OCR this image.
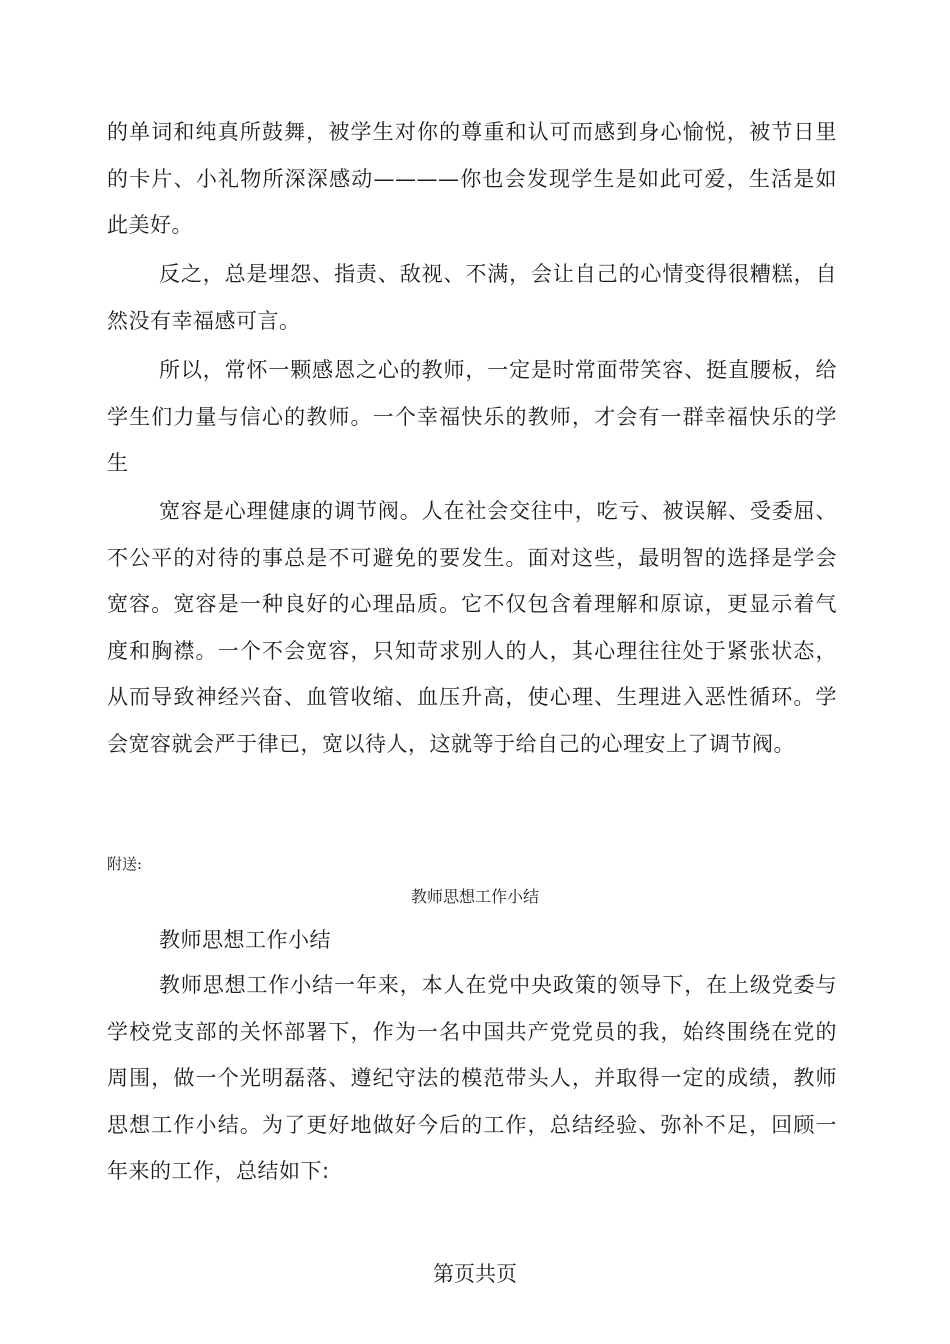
的单词和纯真所鼓舞，被学生对你的尊重和认可而感到身心愉悦，被节日里的卡片、小礼物所深深感动————你也会发现学生是如此可爱，生活是如此美好。

反之，总是埋怨、指责、敌视、不满，会让自己的心情变得很糟糕，自然没有幸福感可言。

所以，常怀一颗感恩之心的教师，一定是时常面带笑容、挺直腰板，给学生们力量与信心的教师。一个幸福快乐的教师，才会有一群幸福快乐的学生

宽容是心理健康的调节阀。人在社会交往中，吃亏、被误解、受委屈、不公平的对待的事总是不可避免的要发生。面对这些，最明智的选择是学会宽容。宽容是一种良好的心理品质。它不仅包含着理解和原谅，更显示着气度和胸襟。一个不会宽容，只知苛求别人的人，其心理往往处于紧张状态，从而导致神经兴奋、血管收缩、血压升高，使心理、生理进入恶性循环。学会宽容就会严于律已，宽以待人，这就等于给自己的心理安上了调节阀。

附送:

教师思想工作小结

教师思想工作小结

教师思想工作小结一年来，本人在党中央政策的领导下，在上级党委与学校党支部的关怀部署下，作为一名中国共产党党员的我，始终围绕在党的周围，做一个光明磊落、遵纪守法的模范带头人，并取得一定的成绩，教师思想工作小结。为了更好地做好今后的工作，总结经验、弥补不足，回顾一年来的工作，总结如下:

第页共页
